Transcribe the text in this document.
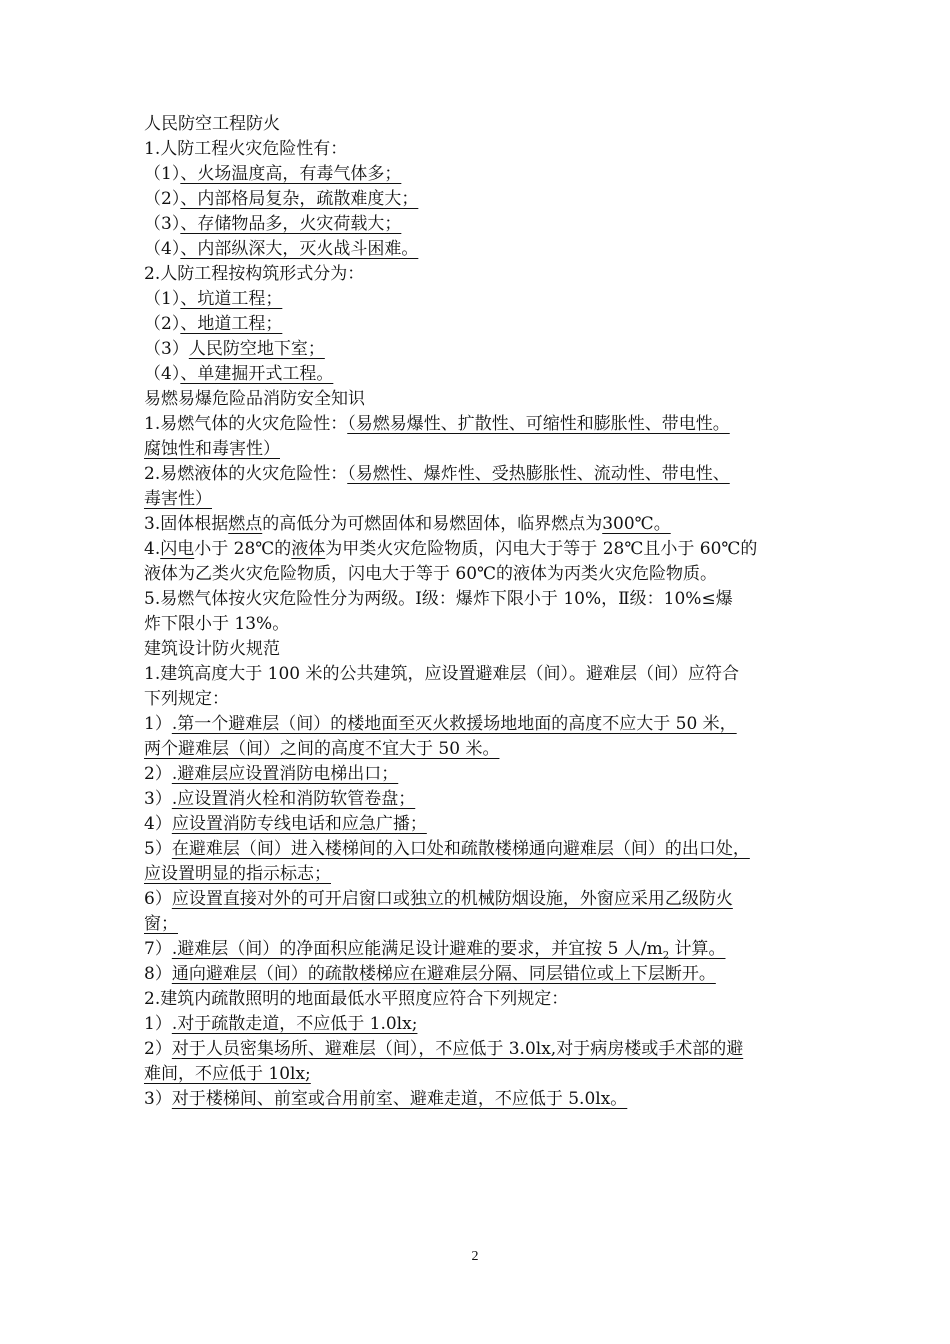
人民防空工程防火
1.人防工程火灾危险性有：
（1）、火场温度高，有毒气体多；
（2）、内部格局复杂，疏散难度大；
（3）、存储物品多，火灾荷载大；
（4）、内部纵深大，灭火战斗困难。
2.人防工程按构筑形式分为：
（1）、坑道工程；
（2）、地道工程；
（3）人民防空地下室；
（4）、单建掘开式工程。
易燃易爆危险品消防安全知识
1.易燃气体的火灾危险性：（易燃易爆性、扩散性、可缩性和膨胀性、带电性。
腐蚀性和毒害性）
2.易燃液体的火灾危险性：（易燃性、爆炸性、受热膨胀性、流动性、带电性、
毒害性）
3.固体根据燃点的高低分为可燃固体和易燃固体，临界燃点为300℃。
4.闪电小于 28℃的液体为甲类火灾危险物质，闪电大于等于 28℃且小于 60℃的
液体为乙类火灾危险物质，闪电大于等于 60℃的液体为丙类火灾危险物质。
5.易燃气体按火灾危险性分为两级。Ⅰ级：爆炸下限小于 10%，Ⅱ级：10%≤爆
炸下限小于 13%。
建筑设计防火规范
1.建筑高度大于 100 米的公共建筑，应设置避难层（间）。避难层（间）应符合
下列规定：
1）.第一个避难层（间）的楼地面至灭火救援场地地面的高度不应大于 50 米，
两个避难层（间）之间的高度不宜大于 50 米。
2）.避难层应设置消防电梯出口；
3）.应设置消火栓和消防软管卷盘；
4）应设置消防专线电话和应急广播；
5）在避难层（间）进入楼梯间的入口处和疏散楼梯通向避难层（间）的出口处，
应设置明显的指示标志；
6）应设置直接对外的可开启窗口或独立的机械防烟设施，外窗应采用乙级防火
窗；
7）.避难层（间）的净面积应能满足设计避难的要求，并宜按 5 人$/m_2$ 计算。
8）通向避难层（间）的疏散楼梯应在避难层分隔、同层错位或上下层断开。
2.建筑内疏散照明的地面最低水平照度应符合下列规定：
1）.对于疏散走道，不应低于 1.0lx;
2）对于人员密集场所、避难层（间），不应低于 3.0lx,对于病房楼或手术部的避
难间，不应低于 10lx;
3）对于楼梯间、前室或合用前室、避难走道，不应低于 5.0lx。
2
